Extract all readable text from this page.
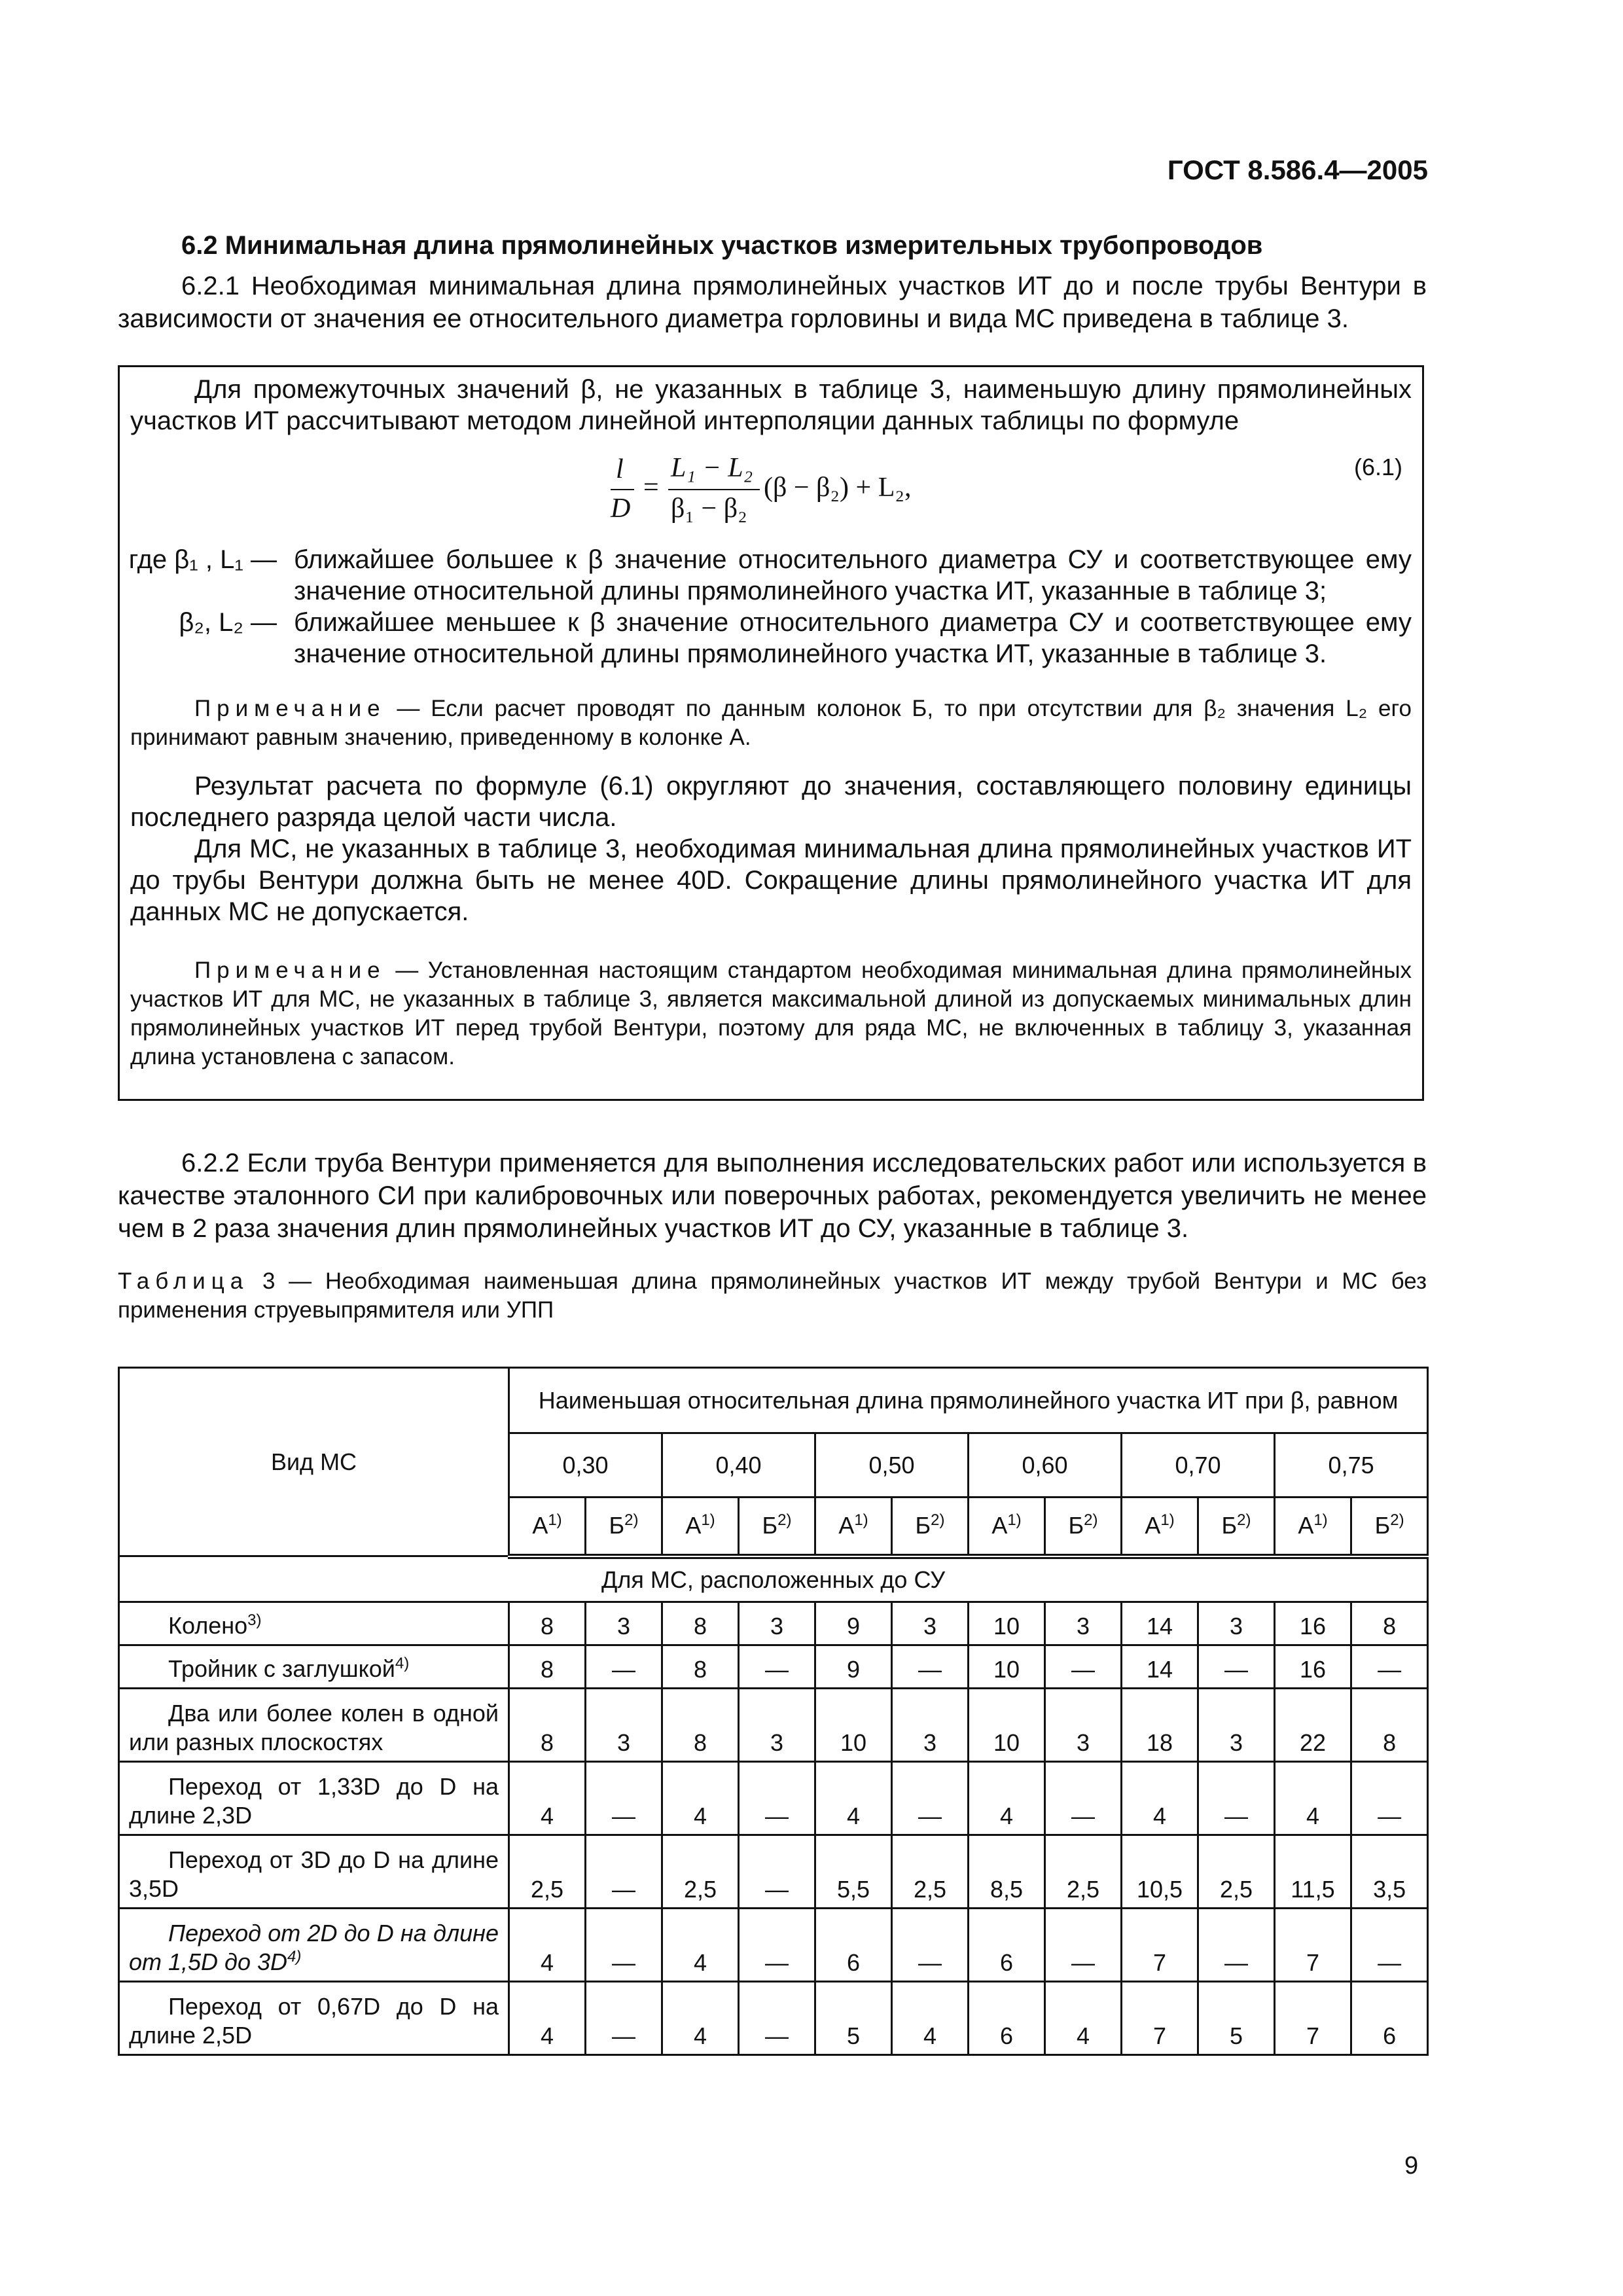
ГОСТ 8.586.4—2005
6.2 Минимальная длина прямолинейных участков измерительных трубопроводов
6.2.1 Необходимая минимальная длина прямолинейных участков ИТ до и после трубы Вентури в зависимости от значения ее относительного диаметра горловины и вида МС приведена в таблице 3.
Для промежуточных значений β, не указанных в таблице 3, наименьшую длину прямолинейных участков ИТ рассчитывают методом линейной интерполяции данных таблицы по формуле
l
D
=
L₁ − L₂
β₁ − β₂
(β − β₂) + L₂,
(6.1)
где β₁ , L₁ — ближайшее большее к β значение относительного диаметра СУ и соответствующее ему значение относительной длины прямолинейного участка ИТ, указанные в таблице 3;
β₂, L₂ — ближайшее меньшее к β значение относительного диаметра СУ и соответствующее ему значение относительной длины прямолинейного участка ИТ, указанные в таблице 3.
Примечание — Если расчет проводят по данным колонок Б, то при отсутствии для β₂ значения L₂ его принимают равным значению, приведенному в колонке А.
Результат расчета по формуле (6.1) округляют до значения, составляющего половину единицы последнего разряда целой части числа.
Для МС, не указанных в таблице 3, необходимая минимальная длина прямолинейных участков ИТ до трубы Вентури должна быть не менее 40D. Сокращение длины прямолинейного участка ИТ для данных МС не допускается.
Примечание — Установленная настоящим стандартом необходимая минимальная длина прямолинейных участков ИТ для МС, не указанных в таблице 3, является максимальной длиной из допускаемых минимальных длин прямолинейных участков ИТ перед трубой Вентури, поэтому для ряда МС, не включенных в таблицу 3, указанная длина установлена с запасом.
6.2.2 Если труба Вентури применяется для выполнения исследовательских работ или используется в качестве эталонного СИ при калибровочных или поверочных работах, рекомендуется увеличить не менее чем в 2 раза значения длин прямолинейных участков ИТ до СУ, указанные в таблице 3.
Таблица 3 — Необходимая наименьшая длина прямолинейных участков ИТ между трубой Вентури и МС без применения струевыпрямителя или УПП
Вид МС	Наименьшая относительная длина прямолинейного участка ИТ при β, равном											
	0,30		0,40		0,50		0,60		0,70		0,75	
	$А^{1)}$	$Б^{2)}$	$А^{1)}$	$Б^{2)}$	$А^{1)}$	$Б^{2)}$	$А^{1)}$	$Б^{2)}$	$А^{1)}$	$Б^{2)}$	$А^{1)}$	$Б^{2)}$
Для МС, расположенных до СУ												
Колено$^{3)}$	8	3	8	3	9	3	10	3	14	3	16	8
Тройник с заглушкой$^{4)}$	8	—	8	—	9	—	10	—	14	—	16	—
Два или более колен в одной или разных плоскостях	8	3	8	3	10	3	10	3	18	3	22	8
Переход от 1,33D до D на длине 2,3D	4	—	4	—	4	—	4	—	4	—	4	—
Переход от 3D до D на длине 3,5D	2,5	—	2,5	—	5,5	2,5	8,5	2,5	10,5	2,5	11,5	3,5
Переход от 2D до D на длине от 1,5D до $3D^{4)}$	4	—	4	—	6	—	6	—	7	—	7	—
Переход от 0,67D до D на длине 2,5D	4	—	4	—	5	4	6	4	7	5	7	6
9
